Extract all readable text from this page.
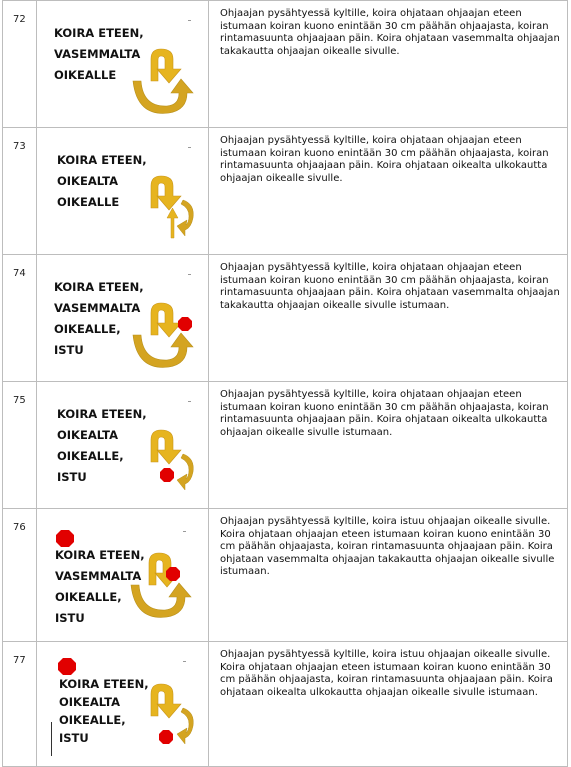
72
KOIRA ETEEN,
VASEMMALTA
OIKEALLE
Ohjaajan pysähtyessä kyltille, koira ohjataan ohjaajan eteen istumaan koiran kuono enintään 30 cm päähän ohjaajasta, koiran rintamasuunta ohjaajaan päin. Koira ohjataan vasemmalta ohjaajan takakautta ohjaajan oikealle sivulle.
73
KOIRA ETEEN,
OIKEALTA
OIKEALLE
Ohjaajan pysähtyessä kyltille, koira ohjataan ohjaajan eteen istumaan koiran kuono enintään 30 cm päähän ohjaajasta, koiran rintamasuunta ohjaajaan päin. Koira ohjataan oikealta ulkokautta ohjaajan oikealle sivulle.
74
KOIRA ETEEN,
VASEMMALTA
OIKEALLE,
ISTU
Ohjaajan pysähtyessä kyltille, koira ohjataan ohjaajan eteen istumaan koiran kuono enintään 30 cm päähän ohjaajasta, koiran rintamasuunta ohjaajaan päin. Koira ohjataan vasemmalta ohjaajan takakautta ohjaajan oikealle sivulle istumaan.
75
KOIRA ETEEN,
OIKEALTA
OIKEALLE,
ISTU
Ohjaajan pysähtyessä kyltille, koira ohjataan ohjaajan eteen istumaan koiran kuono enintään 30 cm päähän ohjaajasta, koiran rintamasuunta ohjaajaan päin. Koira ohjataan oikealta ulkokautta ohjaajan oikealle sivulle istumaan.
76
KOIRA ETEEN,
VASEMMALTA
OIKEALLE,
ISTU
Ohjaajan pysähtyessä kyltille, koira istuu ohjaajan oikealle sivulle. Koira ohjataan ohjaajan eteen istumaan koiran kuono enintään 30 cm päähän ohjaajasta, koiran rintamasuunta ohjaajaan päin. Koira ohjataan vasemmalta ohjaajan takakautta ohjaajan oikealle sivulle istumaan.
77
KOIRA ETEEN,
OIKEALTA
OIKEALLE,
ISTU
Ohjaajan pysähtyessä kyltille, koira istuu ohjaajan oikealle sivulle. Koira ohjataan ohjaajan eteen istumaan koiran kuono enintään 30 cm päähän ohjaajasta, koiran rintamasuunta ohjaajaan päin. Koira ohjataan oikealta ulkokautta ohjaajan oikealle sivulle istumaan.
